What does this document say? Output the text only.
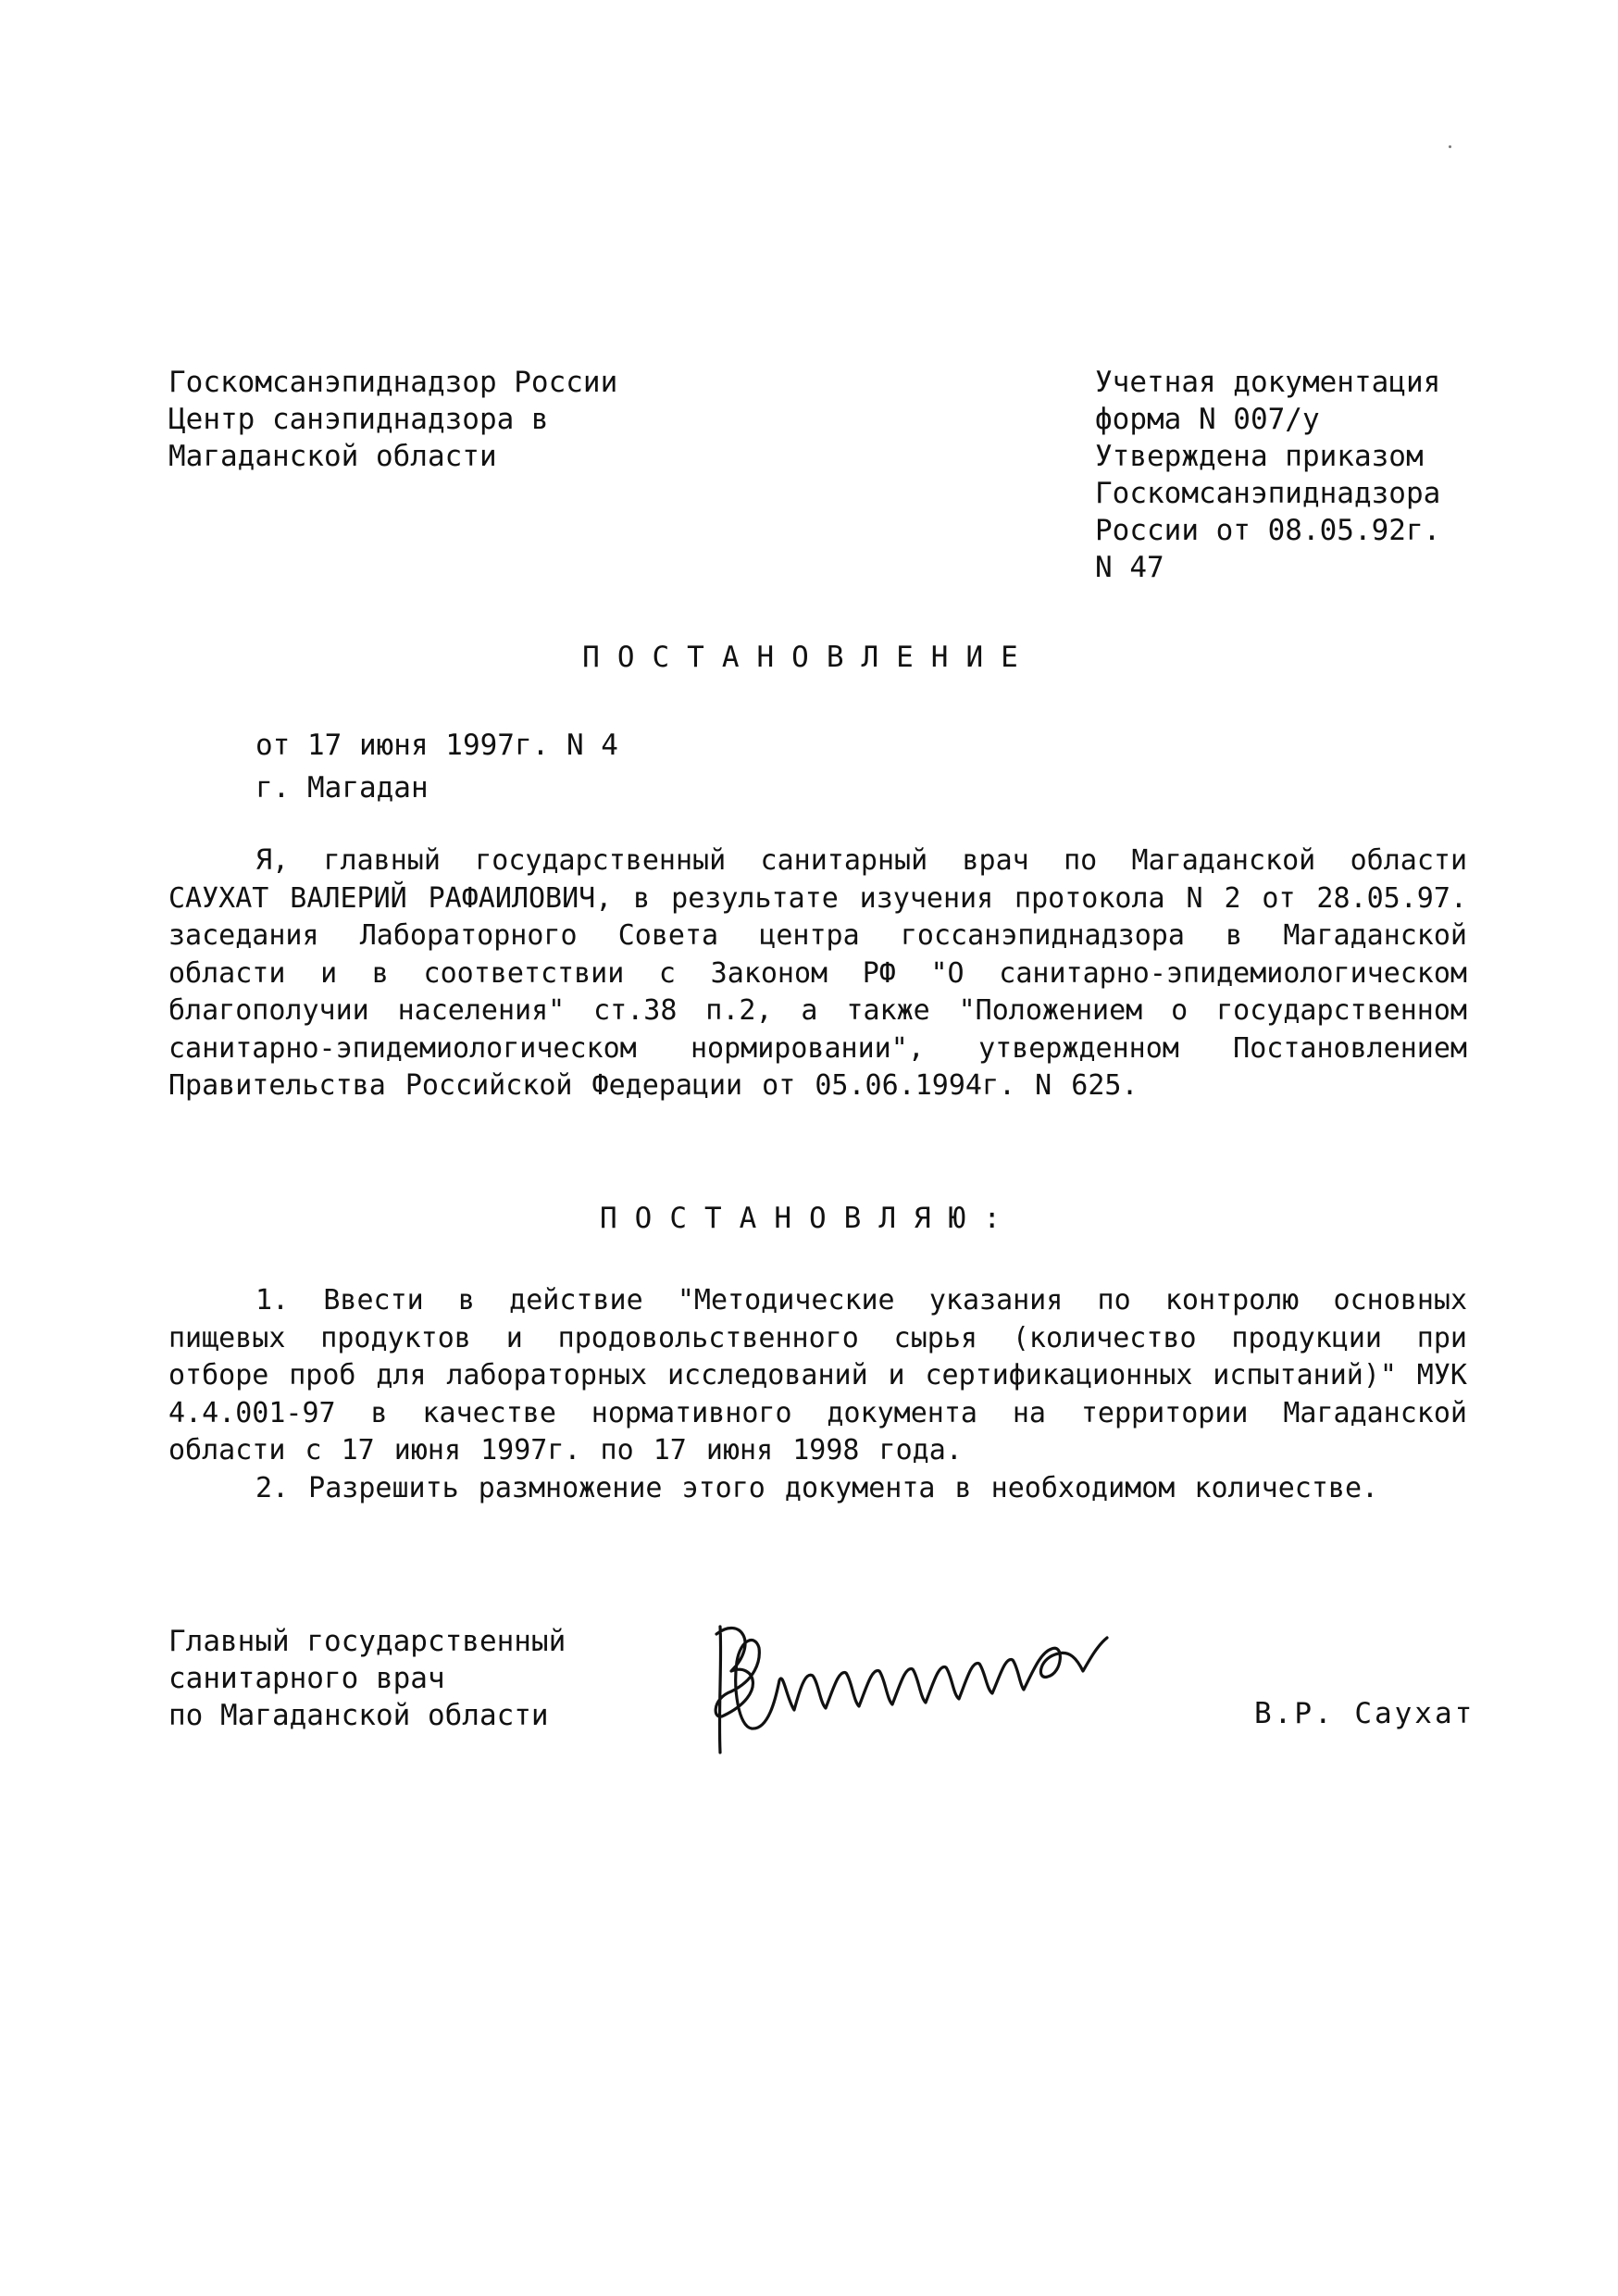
Госкомсанэпиднадзор России
Центр санэпиднадзора в
Магаданской области
Учетная документация
форма N 007/у
Утверждена приказом
Госкомсанэпиднадзора
России от 08.05.92г.
N 47
ПОСТАНОВЛЕНИЕ
от 17 июня 1997г. N 4
г. Магадан

Я, главный государственный санитарный врач по Магаданской области САУХАТ ВАЛЕРИЙ РАФАИЛОВИЧ, в результате изучения протокола N 2 от 28.05.97. заседания Лабораторного Совета центра госсанэпиднадзора в Магаданской области и в соответствии с Законом РФ "О санитарно-эпидемиологическом благополучии населения" ст.38 п.2, а также "Положением о государственном санитарно-эпидемиологическом нормировании", утвержденном Постановлением Правительства Российской Федерации от 05.06.1994г. N 625.

ПОСТАНОВЛЯЮ:

1. Ввести в действие "Методические указания по контролю основных пищевых продуктов и продовольственного сырья (количество продукции при отборе проб для лабораторных исследований и сертификационных испытаний)" МУК 4.4.001-97 в качестве нормативного документа на территории Магаданской области с 17 июня 1997г. по 17 июня 1998 года.

2. Разрешить размножение этого документа в необходимом количестве.

Главный государственный
санитарного врач
по Магаданской области	В.Р. Саухат
